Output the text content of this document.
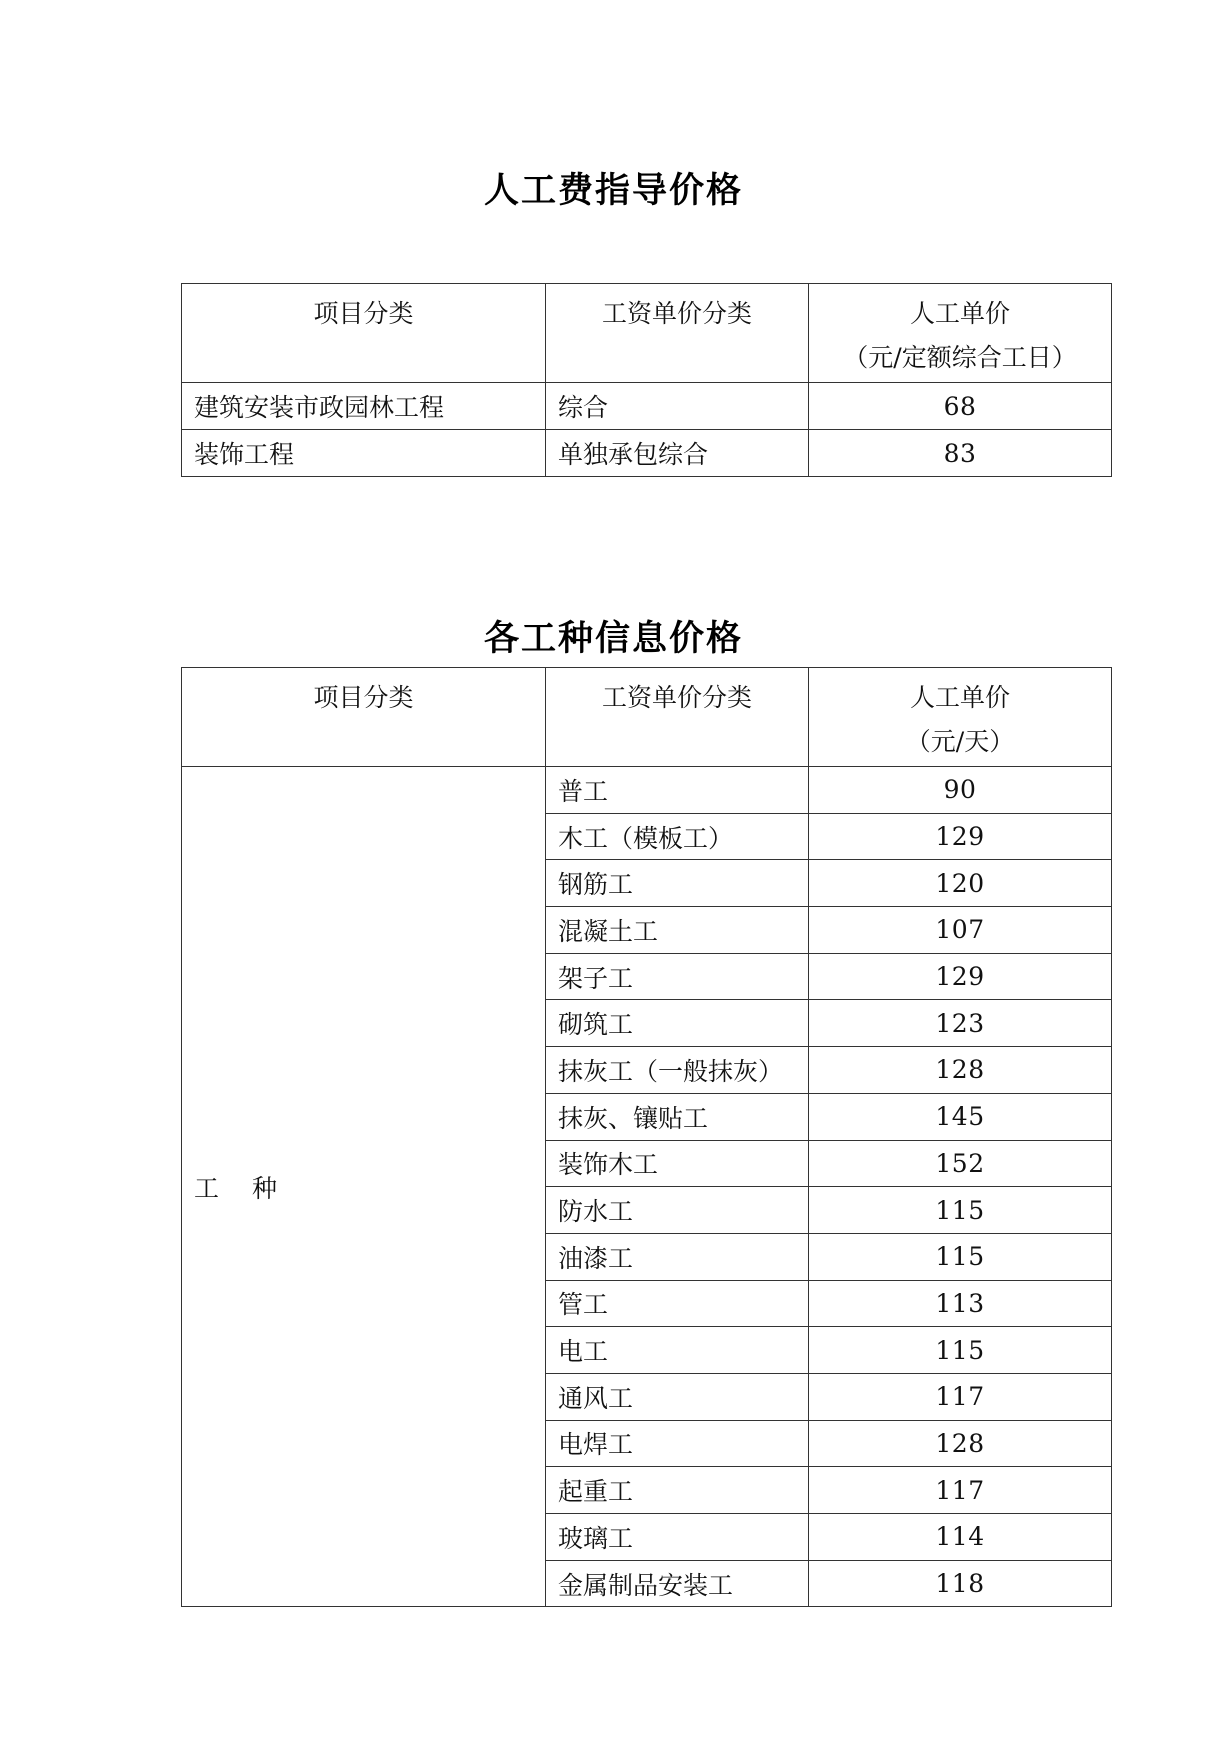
人工费指导价格
项目分类	工资单价分类	人工单价
（元/定额综合工日）
建筑安装市政园林工程	综合	68
装饰工程	单独承包综合	83
各工种信息价格
项目分类	工资单价分类	人工单价
（元/天）
工　种	普工	90
	木工（模板工）	129
	钢筋工	120
	混凝土工	107
	架子工	129
	砌筑工	123
	抹灰工（一般抹灰）	128
	抹灰、镶贴工	145
	装饰木工	152
	防水工	115
	油漆工	115
	管工	113
	电工	115
	通风工	117
	电焊工	128
	起重工	117
	玻璃工	114
	金属制品安装工	118
